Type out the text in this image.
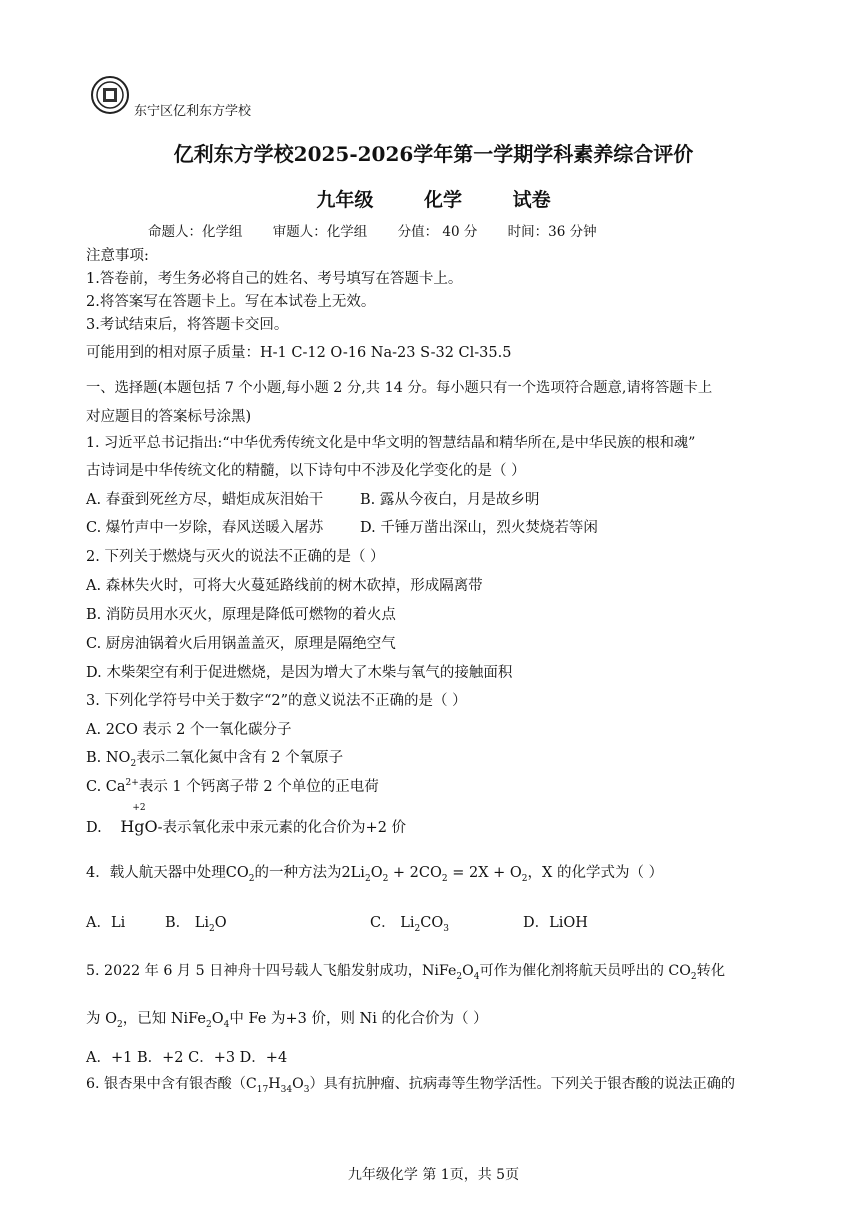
东宁区亿利东方学校
亿利东方学校2025-2026学年第一学期学科素养综合评价
九年级	化学	试卷
命题人：化学组 审题人：化学组 分值： 40 分 时间：36 分钟
注意事项:
1.答卷前，考生务必将自己的姓名、考号填写在答题卡上。
2.将答案写在答题卡上。写在本试卷上无效。
3.考试结束后，将答题卡交回。
可能用到的相对原子质量：H-1 C-12 O-16 Na-23 S-32 Cl-35.5
一、选择题(本题包括 7 个小题,每小题 2 分,共 14 分。每小题只有一个选项符合题意,请将答题卡上
对应题目的答案标号涂黑)
1. 习近平总书记指出:“中华优秀传统文化是中华文明的智慧结晶和精华所在,是中华民族的根和魂”
古诗词是中华传统文化的精髓，以下诗句中不涉及化学变化的是（ ）
A. 春蚕到死丝方尽，蜡炬成灰泪始干	B. 露从今夜白，月是故乡明
C. 爆竹声中一岁除，春风送暖入屠苏	D. 千锤万凿出深山，烈火焚烧若等闲
2. 下列关于燃烧与灭火的说法不正确的是（ ）
A. 森林失火时，可将大火蔓延路线前的树木砍掉，形成隔离带
B. 消防员用水灭火，原理是降低可燃物的着火点
C. 厨房油锅着火后用锅盖盖灭，原理是隔绝空气
D. 木柴架空有利于促进燃烧，是因为增大了木柴与氧气的接触面积
3. 下列化学符号中关于数字“2”的意义说法不正确的是（ ）
A. 2CO 表示 2 个一氧化碳分子
B. $NO_2$表示二氧化氮中含有 2 个氧原子
C. $Ca^{2+}$表示 1 个钙离子带 2 个单位的正电荷
D.
+2
HgO-表示氧化汞中汞元素的化合价为+2 价
4．载人航天器中处理$CO_2$的一种方法为$2Li_2O_2 + 2CO_2 = 2X + O_2$，X 的化学式为（ ）
A．Li	B． $Li_2O$	C． $Li_2CO_3$	D．LiOH
5. 2022 年 6 月 5 日神舟十四号载人飞船发射成功，$NiFe_2O_4$可作为催化剂将航天员呼出的 $CO_2$转化
为 $O_2$，已知 $NiFe_2O_4$中 Fe 为+3 价，则 Ni 的化合价为（ ）
A．+1 B．+2 C．+3 D．+4
6. 银杏果中含有银杏酸$(C_{17}H_{34}O_3)$具有抗肿瘤、抗病毒等生物学活性。下列关于银杏酸的说法正确的
九年级化学 第 1页，共 5页
